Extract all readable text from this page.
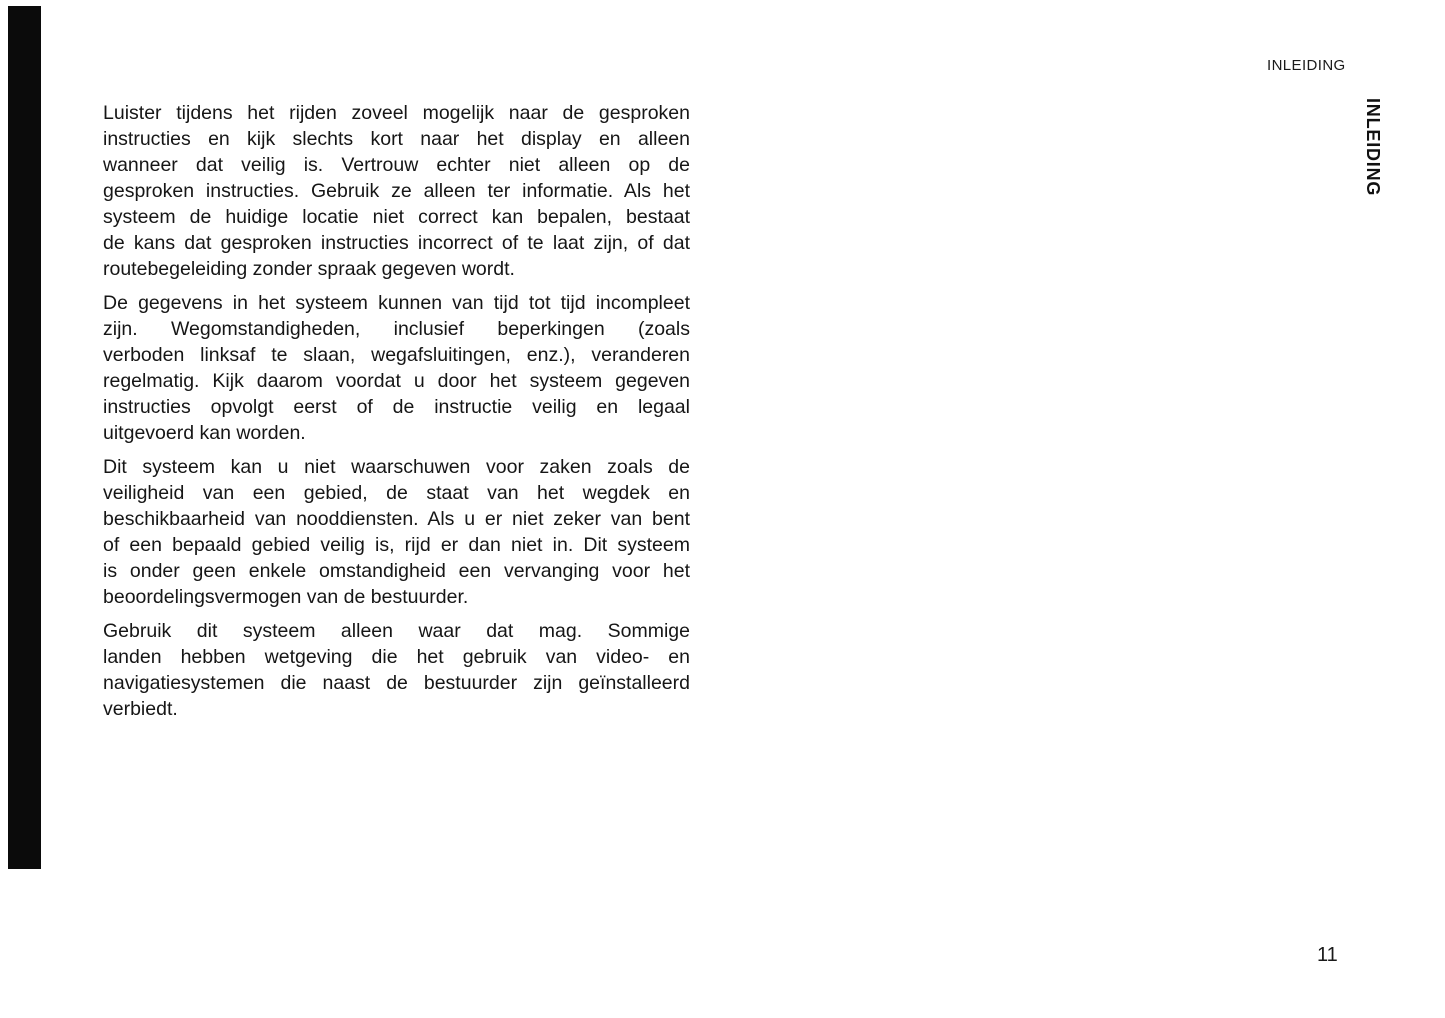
INLEIDING
INLEIDING
Luister tijdens het rijden zoveel mogelijk naar de gesproken
instructies en kijk slechts kort naar het display en alleen
wanneer dat veilig is. Vertrouw echter niet alleen op de
gesproken instructies. Gebruik ze alleen ter informatie. Als het
systeem de huidige locatie niet correct kan bepalen, bestaat
de kans dat gesproken instructies incorrect of te laat zijn, of dat
routebegeleiding zonder spraak gegeven wordt.
De gegevens in het systeem kunnen van tijd tot tijd incompleet
zijn. Wegomstandigheden, inclusief beperkingen (zoals
verboden linksaf te slaan, wegafsluitingen, enz.), veranderen
regelmatig. Kijk daarom voordat u door het systeem gegeven
instructies opvolgt eerst of de instructie veilig en legaal
uitgevoerd kan worden.
Dit systeem kan u niet waarschuwen voor zaken zoals de
veiligheid van een gebied, de staat van het wegdek en
beschikbaarheid van nooddiensten. Als u er niet zeker van bent
of een bepaald gebied veilig is, rijd er dan niet in. Dit systeem
is onder geen enkele omstandigheid een vervanging voor het
beoordelingsvermogen van de bestuurder.
Gebruik dit systeem alleen waar dat mag. Sommige
landen hebben wetgeving die het gebruik van video- en
navigatiesystemen die naast de bestuurder zijn geïnstalleerd
verbiedt.
11
